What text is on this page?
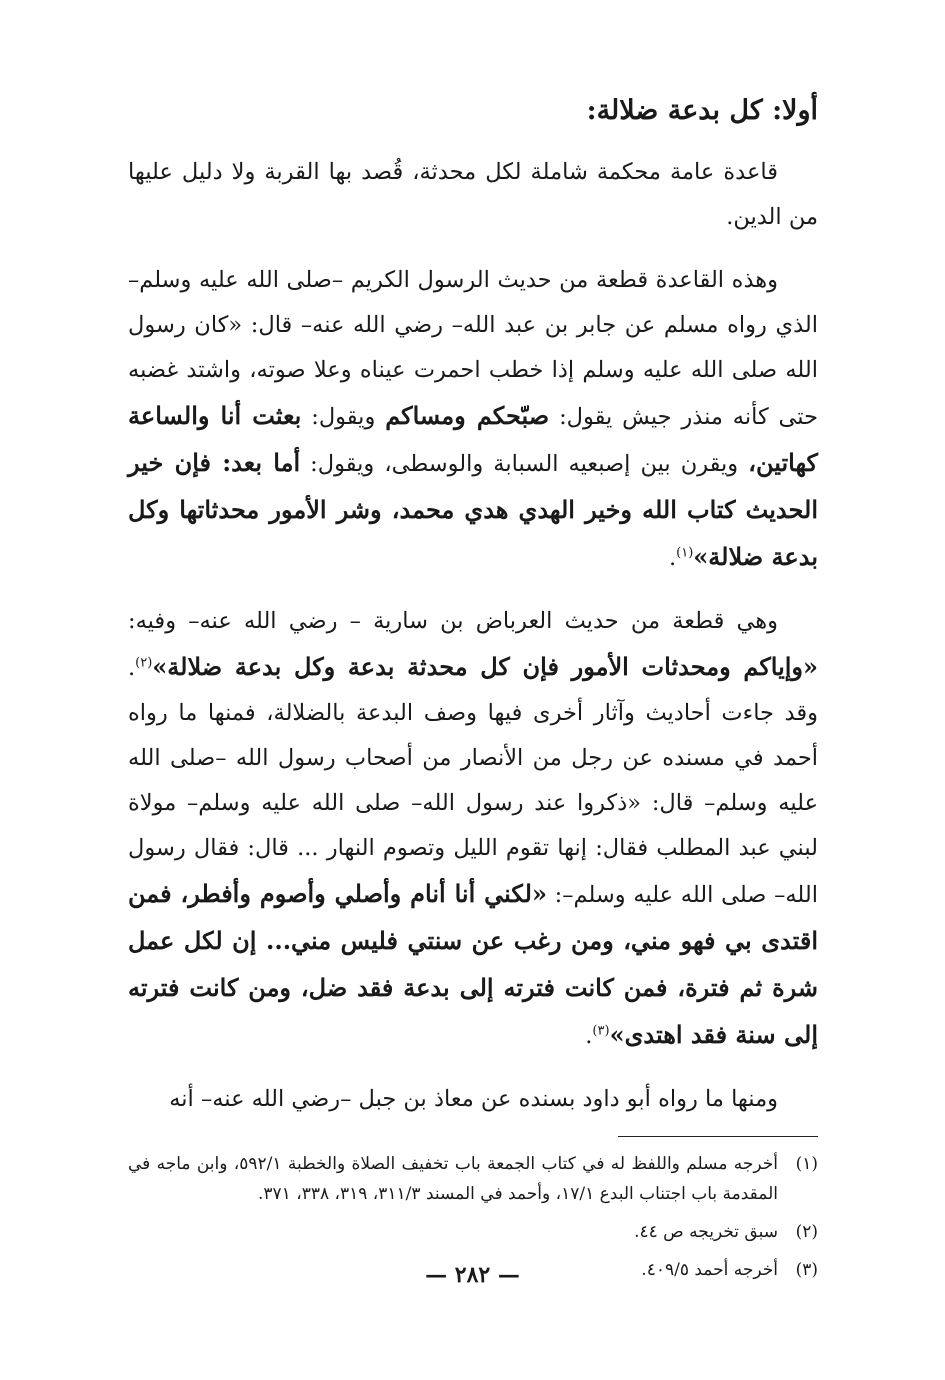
أولا: كل بدعة ضلالة:

قاعدة عامة محكمة شاملة لكل محدثة، قُصد بها القربة ولا دليل عليها من الدين.

وهذه القاعدة قطعة من حديث الرسول الكريم –صلى الله عليه وسلم– الذي رواه مسلم عن جابر بن عبد الله– رضي الله عنه– قال: «كان رسول الله صلى الله عليه وسلم إذا خطب احمرت عيناه وعلا صوته، واشتد غضبه حتى كأنه منذر جيش يقول: صبّحكم ومساكم ويقول: بعثت أنا والساعة كهاتين، ويقرن بين إصبعيه السبابة والوسطى، ويقول: أما بعد: فإن خير الحديث كتاب الله وخير الهدي هدي محمد، وشر الأمور محدثاتها وكل بدعة ضلالة»$^{(١)}$.

وهي قطعة من حديث العرباض بن سارية – رضي الله عنه– وفيه: «وإياكم ومحدثات الأمور فإن كل محدثة بدعة وكل بدعة ضلالة»$^{(٢)}$. وقد جاءت أحاديث وآثار أخرى فيها وصف البدعة بالضلالة، فمنها ما رواه أحمد في مسنده عن رجل من الأنصار من أصحاب رسول الله –صلى الله عليه وسلم– قال: «ذكروا عند رسول الله– صلى الله عليه وسلم– مولاة لبني عبد المطلب فقال: إنها تقوم الليل وتصوم النهار ... قال: فقال رسول الله– صلى الله عليه وسلم–: «لكني أنا أنام وأصلي وأصوم وأفطر، فمن اقتدى بي فهو مني، ومن رغب عن سنتي فليس مني... إن لكل عمل شرة ثم فترة، فمن كانت فترته إلى بدعة فقد ضل، ومن كانت فترته إلى سنة فقد اهتدى»$^{(٣)}$.

ومنها ما رواه أبو داود بسنده عن معاذ بن جبل –رضي الله عنه– أنه

(١)
أخرجه مسلم واللفظ له في كتاب الجمعة باب تخفيف الصلاة والخطبة ٥٩٢/١، وابن ماجه في المقدمة باب اجتناب البدع ١٧/١، وأحمد في المسند ٣١١/٣، ٣١٩، ٣٣٨، ٣٧١.
(٢)
سبق تخريجه ص ٤٤.
(٣)
أخرجه أحمد ٤٠٩/٥.
— ٢٨٢ —
